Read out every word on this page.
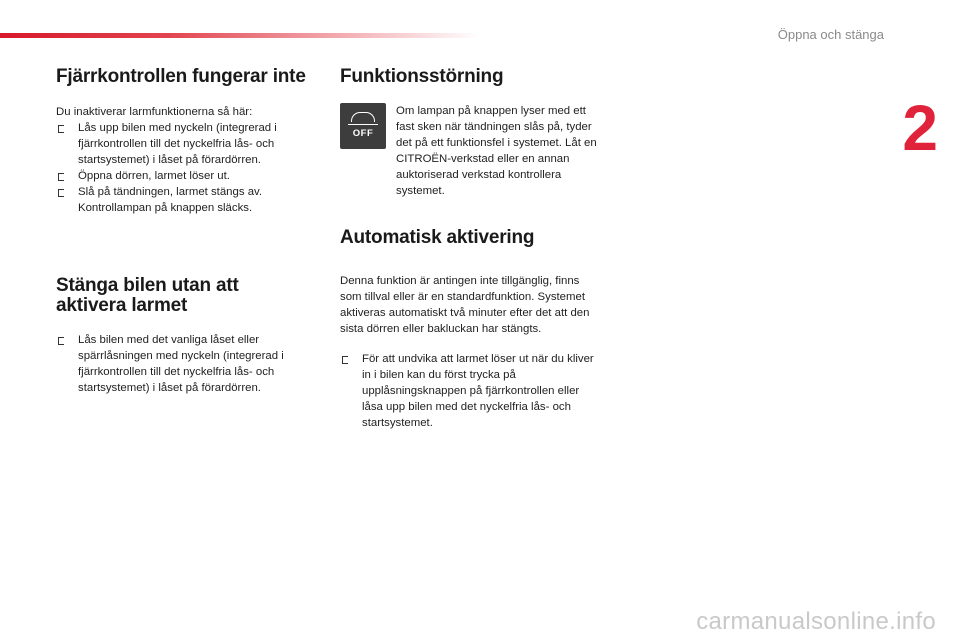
Öppna och stänga
2
Fjärrkontrollen fungerar inte

Du inaktiverar larmfunktionerna så här:

Lås upp bilen med nyckeln (integrerad i fjärrkontrollen till det nyckelfria lås- och startsystemet) i låset på förardörren.
Öppna dörren, larmet löser ut.
Slå på tändningen, larmet stängs av. Kontrollampan på knappen släcks.
Stänga bilen utan att
aktivera larmet
Lås bilen med det vanliga låset eller spärrlåsningen med nyckeln (integrerad i fjärrkontrollen till det nyckelfria lås- och startsystemet) i låset på förardörren.
Funktionsstörning
OFF

Om lampan på knappen lyser med ett fast sken när tändningen slås på, tyder det på ett funktionsfel i systemet. Låt en CITROËN-verkstad eller en annan auktoriserad verkstad kontrollera systemet.

Automatisk aktivering

Denna funktion är antingen inte tillgänglig, finns som tillval eller är en standardfunktion. Systemet aktiveras automatiskt två minuter efter det att den sista dörren eller bakluckan har stängts.

För att undvika att larmet löser ut när du kliver in i bilen kan du först trycka på upplåsningsknappen på fjärrkontrollen eller låsa upp bilen med det nyckelfria lås- och startsystemet.
carmanualsonline.info
